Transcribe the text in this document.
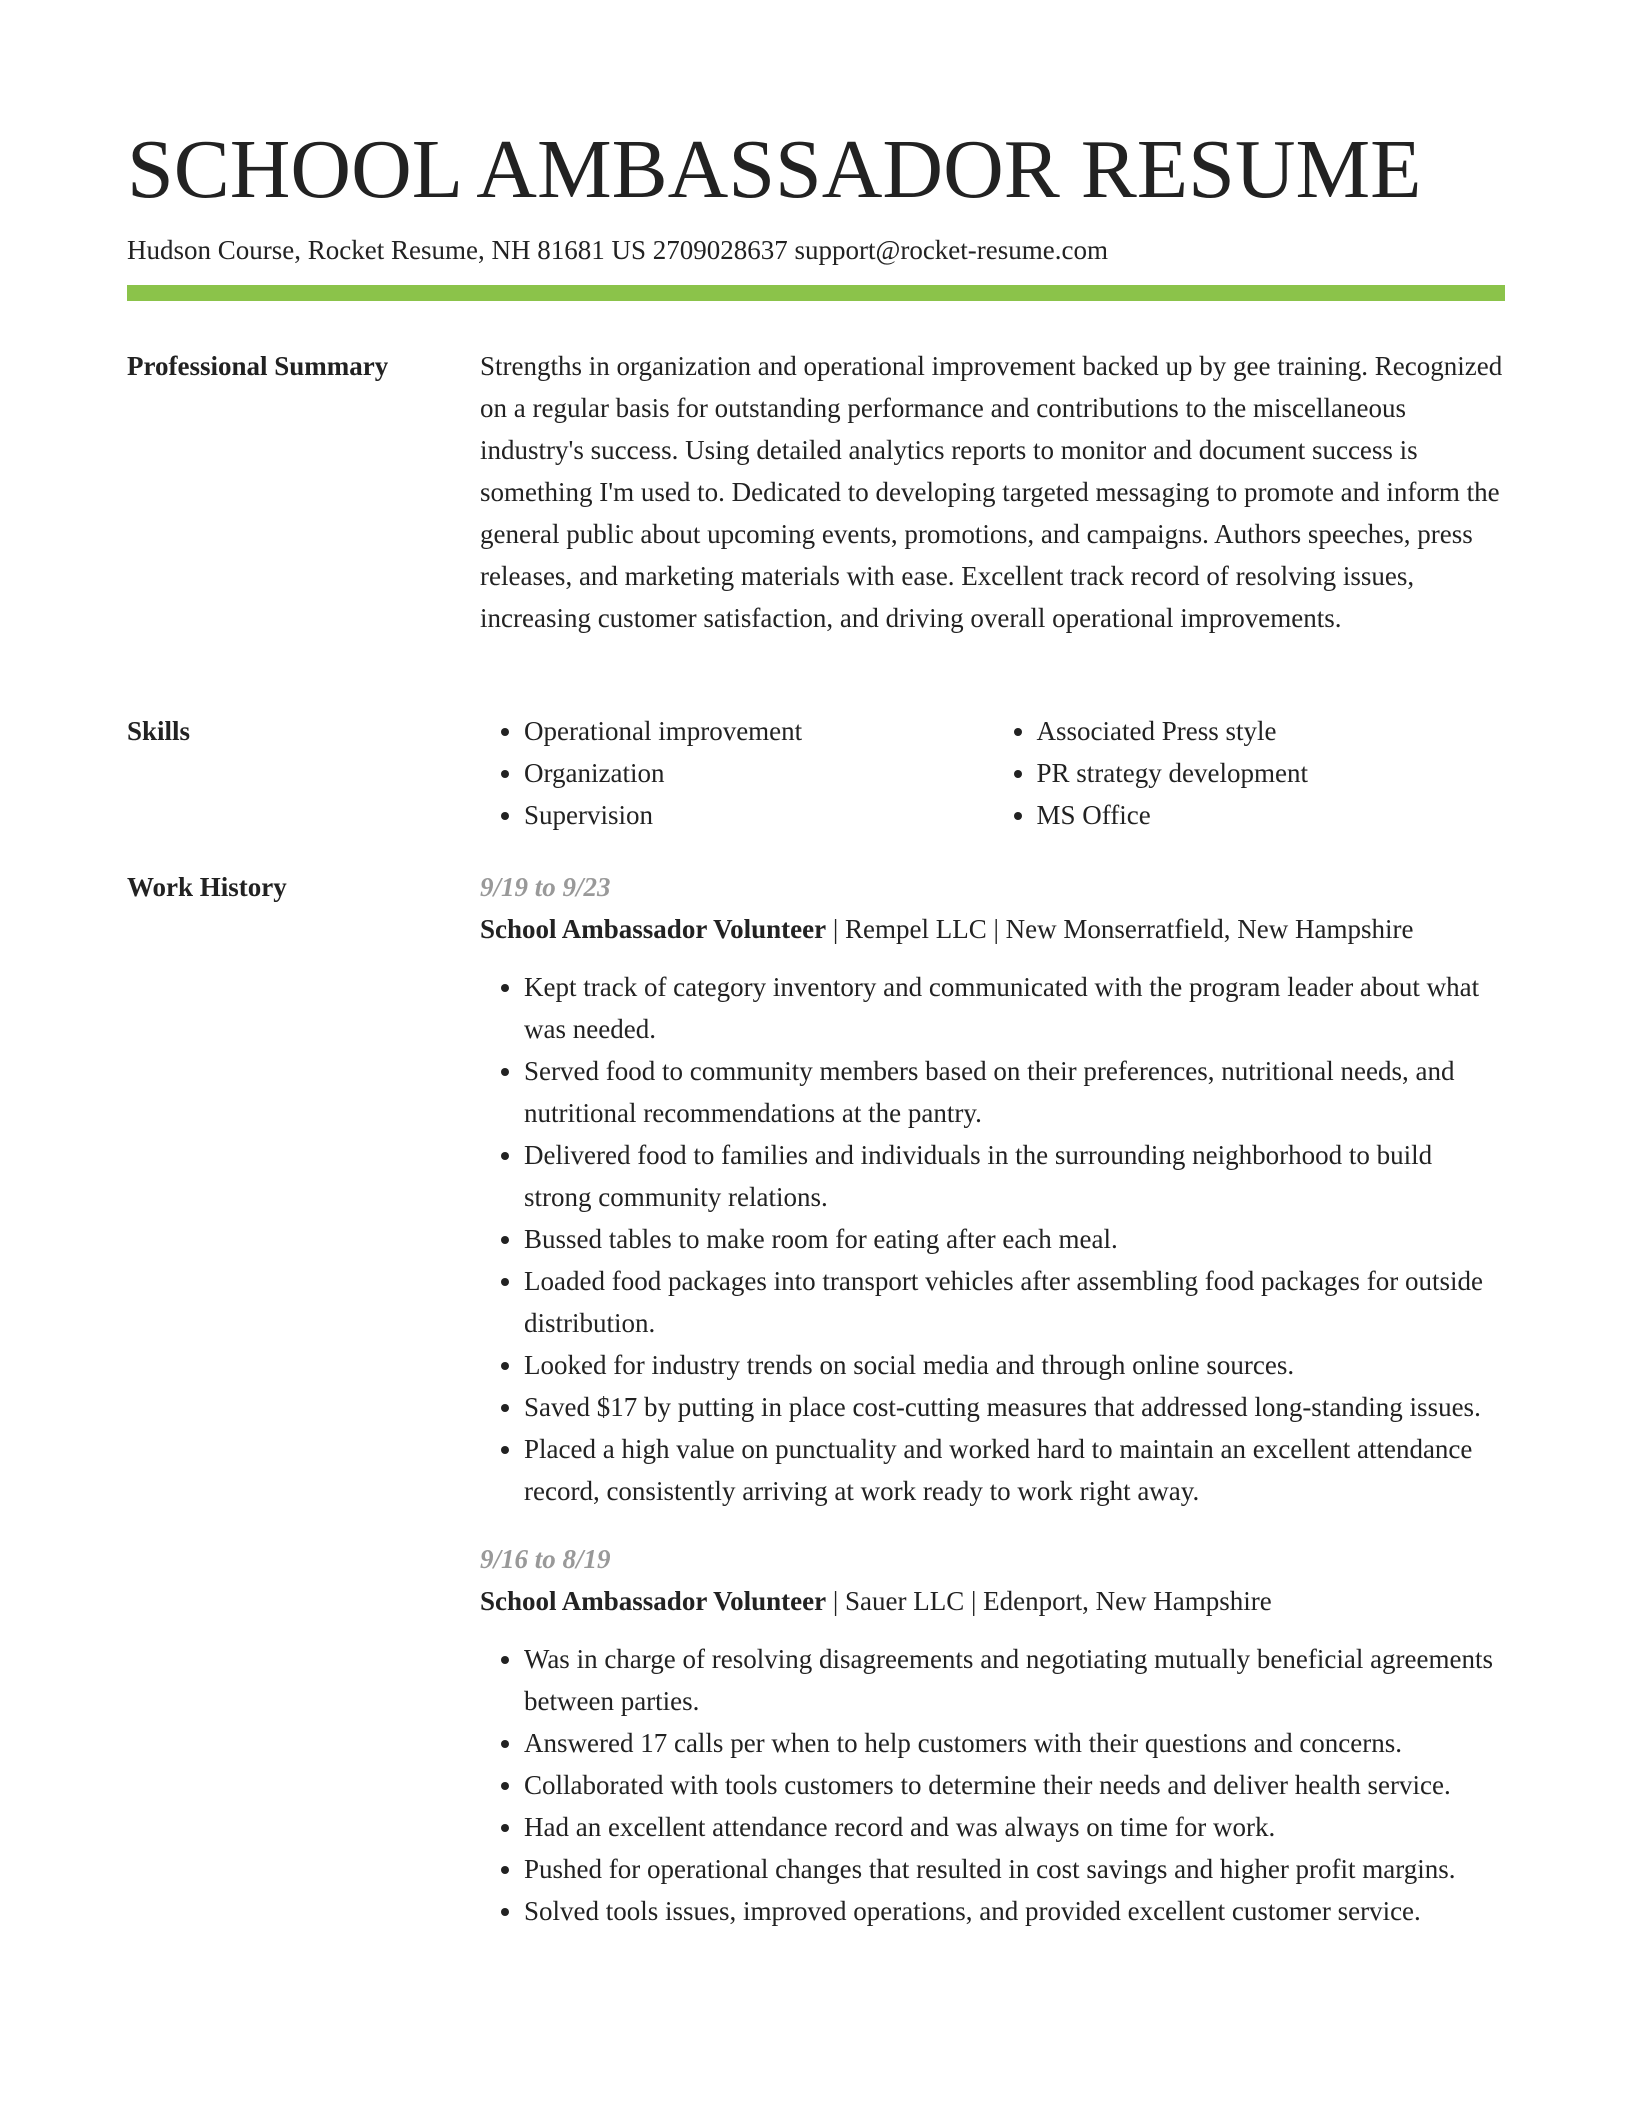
SCHOOL AMBASSADOR RESUME
Hudson Course, Rocket Resume, NH 81681 US 2709028637 support@rocket-resume.com
Professional Summary	Strengths in organization and operational improvement backed up by gee training. Recognized on a regular basis for outstanding performance and contributions to the miscellaneous industry's success. Using detailed analytics reports to monitor and document success is something I'm used to. Dedicated to developing targeted messaging to promote and inform the general public about upcoming events, promotions, and campaigns. Authors speeches, press releases, and marketing materials with ease. Excellent track record of resolving issues, increasing customer satisfaction, and driving overall operational improvements.

Skills
•	Operational improvement
• Organization
• Supervision
• Associated Press style
• PR strategy development
• MS Office
Work History	9/19 to 9/23
School Ambassador Volunteer | Rempel LLC | New Monserratfield, New Hampshire
• Kept track of category inventory and communicated with the program leader about what was needed.
• Served food to community members based on their preferences, nutritional needs, and nutritional recommendations at the pantry.
• Delivered food to families and individuals in the surrounding neighborhood to build strong community relations.
• Bussed tables to make room for eating after each meal.
• Loaded food packages into transport vehicles after assembling food packages for outside distribution.
• Looked for industry trends on social media and through online sources.
• Saved $17 by putting in place cost-cutting measures that addressed long-standing issues.
• Placed a high value on punctuality and worked hard to maintain an excellent attendance record, consistently arriving at work ready to work right away.
9/16 to 8/19
School Ambassador Volunteer | Sauer LLC | Edenport, New Hampshire
• Was in charge of resolving disagreements and negotiating mutually beneficial agreements between parties.
• Answered 17 calls per when to help customers with their questions and concerns.
• Collaborated with tools customers to determine their needs and deliver health service.
• Had an excellent attendance record and was always on time for work.
• Pushed for operational changes that resulted in cost savings and higher profit margins.
• Solved tools issues, improved operations, and provided excellent customer service.
